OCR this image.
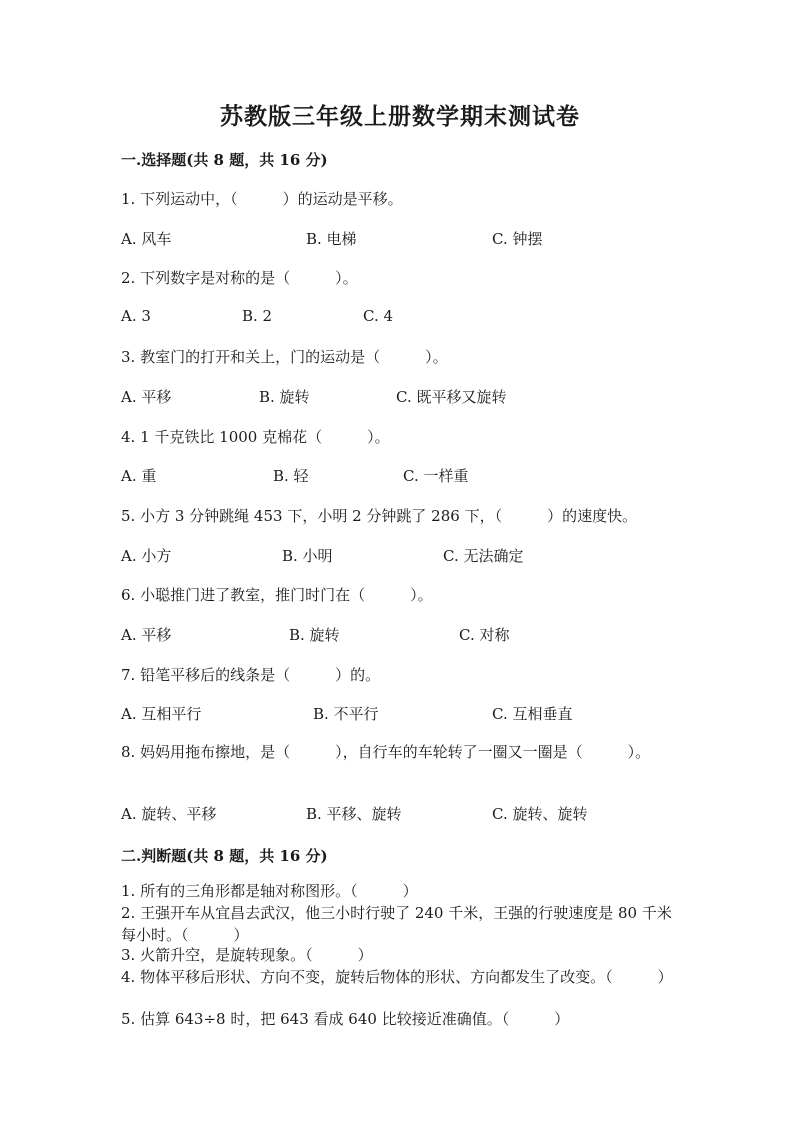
苏教版三年级上册数学期末测试卷
一.选择题(共 8 题，共 16 分)
1. 下列运动中，（　　　）的运动是平移。
A. 风车	B. 电梯	C. 钟摆
2. 下列数字是对称的是（　　　）。
A. 3	B. 2	C. 4
3. 教室门的打开和关上，门的运动是（　　　）。
A. 平移	B. 旋转	C. 既平移又旋转
4. 1 千克铁比 1000 克棉花（　　　）。
A. 重	B. 轻	C. 一样重
5. 小方 3 分钟跳绳 453 下，小明 2 分钟跳了 286 下，（　　　）的速度快。
A. 小方	B. 小明	C. 无法确定
6. 小聪推门进了教室，推门时门在（　　　）。
A. 平移	B. 旋转	C. 对称
7. 铅笔平移后的线条是（　　　）的。
A. 互相平行	B. 不平行	C. 互相垂直
8. 妈妈用拖布擦地，是（　　　），自行车的车轮转了一圈又一圈是（　　　）。
A. 旋转、平移	B. 平移、旋转	C. 旋转、旋转
二.判断题(共 8 题，共 16 分)
1. 所有的三角形都是轴对称图形。（　　　）
2. 王强开车从宜昌去武汉，他三小时行驶了 240 千米，王强的行驶速度是 80 千米每小时。（　　　）
3. 火箭升空，是旋转现象。（　　　）
4. 物体平移后形状、方向不变，旋转后物体的形状、方向都发生了改变。（　　　）
5. 估算 643÷8 时，把 643 看成 640 比较接近准确值。（　　　）
